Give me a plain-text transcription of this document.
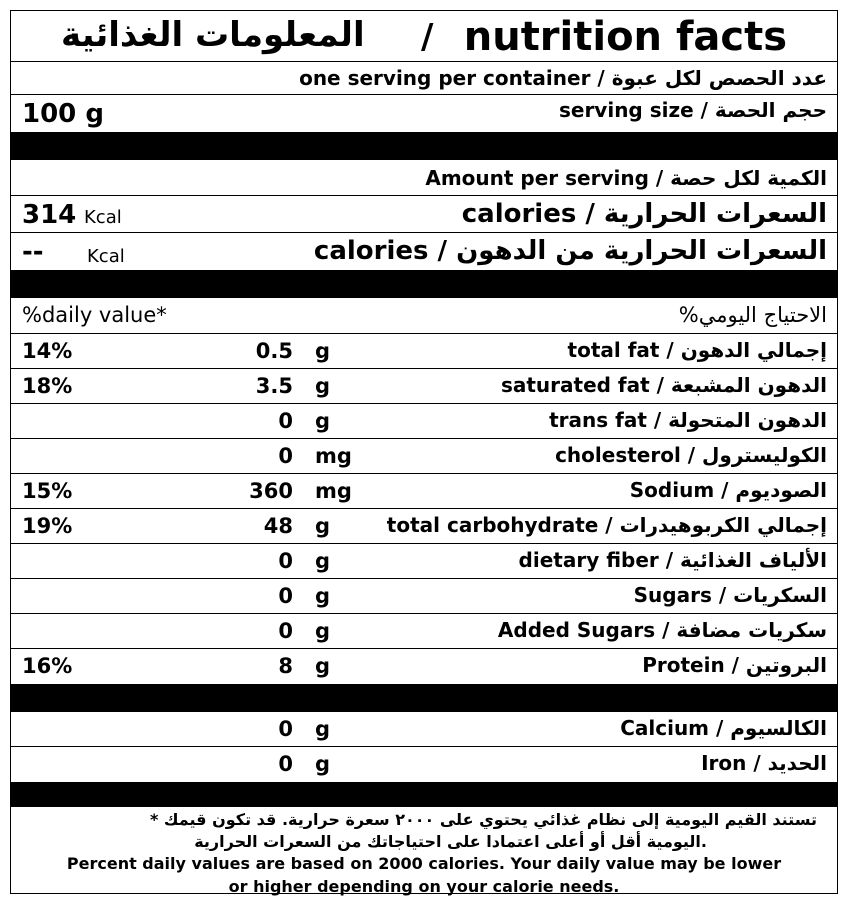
المعلومات الغذائية / nutrition facts
one serving per container / عدد الحصص لكل عبوة
serving size / حجم الحصة
100 g
Amount per serving / الكمية لكل حصة
314 Kcal	calories / السعرات الحرارية
-- Kcal	calories / السعرات الحرارية من الدهون
%daily value*	%الاحتياج اليومي
14%	0.5 g	total fat / إجمالي الدهون
18%	3.5 g	saturated fat / الدهون المشبعة
0 g	trans fat / الدهون المتحولة
0 mg	cholesterol / الكوليسترول
15%	360 mg	Sodium / الصوديوم
19%	48 g	total carbohydrate / إجمالي الكربوهيدرات
0 g	dietary fiber / الألياف الغذائية
0 g	Sugars / السكريات
0 g	Added Sugars / سكريات مضافة
16%	8 g	Protein / البروتين
0 g	Calcium / الكالسيوم
0 g	Iron / الحديد
* تستند القيم اليومية إلى نظام غذائي يحتوي على ٢٠٠٠ سعرة حرارية. قد تكون قيمك
اليومية أقل أو أعلى اعتمادا على احتياجاتك من السعرات الحرارية.
Percent daily values are based on 2000 calories. Your daily value may be lower
or higher depending on your calorie needs.
